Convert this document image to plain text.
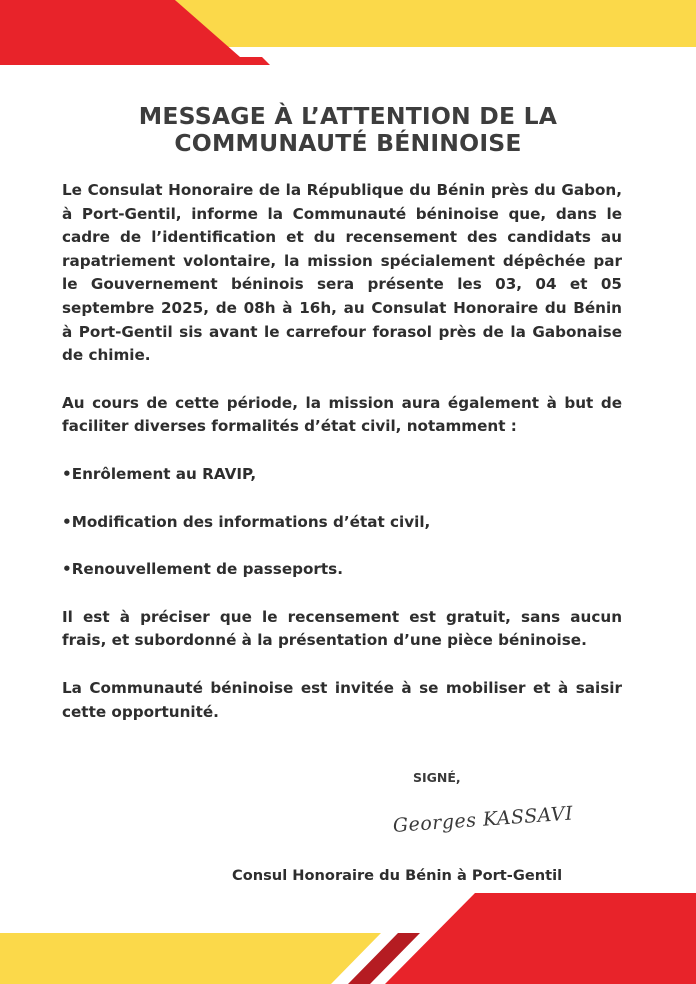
MESSAGE À L’ATTENTION DE LA
COMMUNAUTÉ BÉNINOISE

Le Consulat Honoraire de la République du Bénin près du Gabon, à Port-Gentil, informe la Communauté béninoise que, dans le cadre de l’identification et du recensement des candidats au rapatriement volontaire, la mission spécialement dépêchée par le Gouvernement béninois sera présente les 03, 04 et 05 septembre 2025, de 08h à 16h, au Consulat Honoraire du Bénin à Port-Gentil sis avant le carrefour forasol près de la Gabonaise de chimie.

Au cours de cette période, la mission aura également à but de faciliter diverses formalités d’état civil, notamment :

•Enrôlement au RAVIP,

•Modification des informations d’état civil,

•Renouvellement de passeports.

Il est à préciser que le recensement est gratuit, sans aucun frais, et subordonné à la présentation d’une pièce béninoise.

La Communauté béninoise est invitée à se mobiliser et à saisir cette opportunité.

SIGNÉ,

Georges KASSAVI

Consul Honoraire du Bénin à Port-Gentil
